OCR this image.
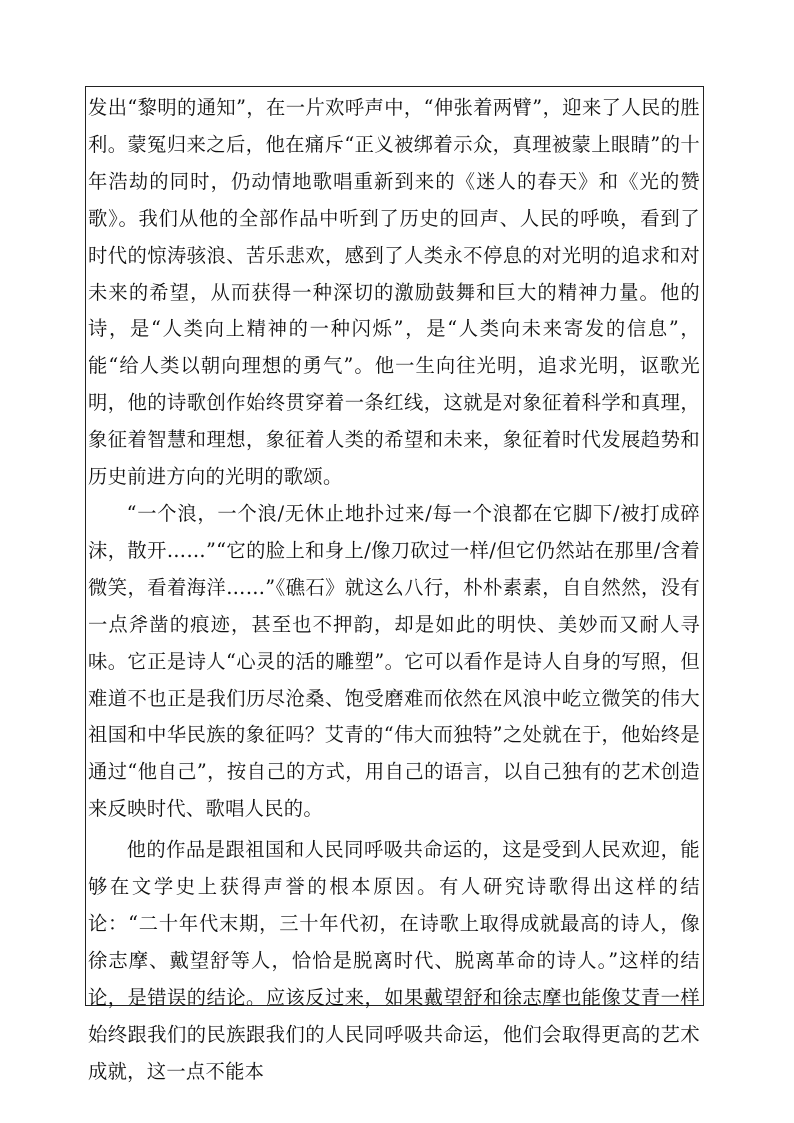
发出“黎明的通知”，在一片欢呼声中，“伸张着两臂”，迎来了人民的胜利。蒙冤归来之后，他在痛斥“正义被绑着示众，真理被蒙上眼睛”的十年浩劫的同时，仍动情地歌唱重新到来的《迷人的春天》和《光的赞歌》。我们从他的全部作品中听到了历史的回声、人民的呼唤，看到了时代的惊涛骇浪、苦乐悲欢，感到了人类永不停息的对光明的追求和对未来的希望，从而获得一种深切的激励鼓舞和巨大的精神力量。他的诗，是“人类向上精神的一种闪烁”，是“人类向未来寄发的信息”，能“给人类以朝向理想的勇气”。他一生向往光明，追求光明，讴歌光明，他的诗歌创作始终贯穿着一条红线，这就是对象征着科学和真理，象征着智慧和理想，象征着人类的希望和未来，象征着时代发展趋势和历史前进方向的光明的歌颂。

“一个浪，一个浪/无休止地扑过来/每一个浪都在它脚下/被打成碎沫，散开……”“它的脸上和身上/像刀砍过一样/但它仍然站在那里/含着微笑，看着海洋……”《礁石》就这么八行，朴朴素素，自自然然，没有一点斧凿的痕迹，甚至也不押韵，却是如此的明快、美妙而又耐人寻味。它正是诗人“心灵的活的雕塑”。它可以看作是诗人自身的写照，但难道不也正是我们历尽沧桑、饱受磨难而依然在风浪中屹立微笑的伟大祖国和中华民族的象征吗？艾青的“伟大而独特”之处就在于，他始终是通过“他自己”，按自己的方式，用自己的语言，以自己独有的艺术创造来反映时代、歌唱人民的。

他的作品是跟祖国和人民同呼吸共命运的，这是受到人民欢迎，能够在文学史上获得声誉的根本原因。有人研究诗歌得出这样的结论：“二十年代末期，三十年代初，在诗歌上取得成就最高的诗人，像徐志摩、戴望舒等人，恰恰是脱离时代、脱离革命的诗人。”这样的结论，是错误的结论。应该反过来，如果戴望舒和徐志摩也能像艾青一样始终跟我们的民族跟我们的人民同呼吸共命运，他们会取得更高的艺术成就，这一点不能本
